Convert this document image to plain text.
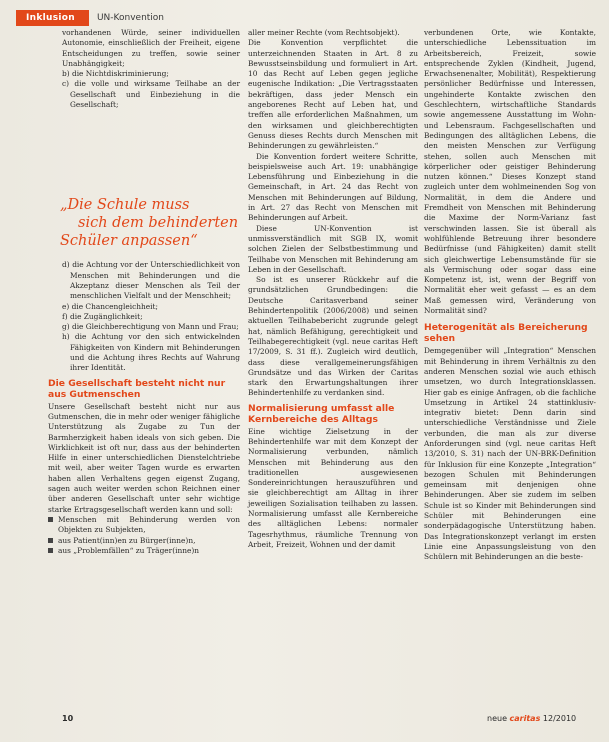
Inklusion	UN-Konvention

vorhandenen Würde, seiner individuellen Autonomie, einschließlich der Freiheit, eigene Entscheidungen zu treffen, sowie seiner Unabhängigkeit;

b) die Nichtdiskriminierung;

c) die volle und wirksame Teilhabe an der Gesellschaft und Einbeziehung in die Gesellschaft;

d) die Achtung vor der Unterschiedlichkeit von Menschen mit Behinderungen und die Akzeptanz dieser Menschen als Teil der menschlichen Vielfalt und der Menschheit;

e) die Chancengleichheit;

f) die Zugänglichkeit;

g) die Gleichberechtigung von Mann und Frau;

h) die Achtung vor den sich entwickelnden Fähigkeiten von Kindern mit Behinderungen und die Achtung ihres Rechts auf Wahrung ihrer Identität.

Die Gesellschaft besteht nicht nur aus Gutmenschen

Unsere Gesellschaft besteht nicht nur aus Gutmenschen, die in mehr oder weniger fähigliche Unterstützung als Zugabe zu Tun der Barmherzigkeit haben ideals von sich geben. Die Wirklichkeit ist oft nur, dass aus der behinderten Hilfe in einer unterschiedlichen Dienstelchtriebe mit weil, aber weiter Tagen wurde es erwarten haben allen Verhaltens gegen eigenst Zugang, sagen auch weiter werden schon Reichnen einer über anderen Gesellschaft unter sehr wichtige starke Ertragsgesellschaft werden kann und soll:

Menschen mit Behinderung werden von Objekten zu Subjekten,
aus Patient(inn)en zu Bürger(inne)n,
aus „Problemfällen“ zu Träger(inne)n
„Die Schule muss
sich dem behinderten
Schüler anpassen“

aller meiner Rechte (vom Rechtsobjekt).

Die Konvention verpflichtet die unterzeichnenden Staaten in Art. 8 zu Bewusstseinsbildung und formuliert in Art. 10 das Recht auf Leben gegen jegliche eugenische Indikation: „Die Vertragsstaaten bekräftigen, dass jeder Mensch ein angeborenes Recht auf Leben hat, und treffen alle erforderlichen Maßnahmen, um den wirksamen und gleichberechtigten Genuss dieses Rechts durch Menschen mit Behinderungen zu gewährleisten.“

Die Konvention fordert weitere Schritte, beispielsweise auch Art. 19: unabhängige Lebensführung und Einbeziehung in die Gemeinschaft, in Art. 24 das Recht von Menschen mit Behinderungen auf Bildung, in Art. 27 das Recht von Menschen mit Behinderungen auf Arbeit.

Diese UN-Konvention ist unmissverständlich mit SGB IX, womit solchen Zielen der Selbstbestimmung und Teilhabe von Menschen mit Behinderung am Leben in der Gesellschaft.

So ist es unserer Rückkehr auf die grundsätzlichen Grundbedingen: die Deutsche Caritasverband seiner Behindertenpolitik (2006/2008) und seinen aktuellen Teilhabebericht zugrunde gelegt hat, nämlich Befähigung, gerechtigkeit und Teilhabegerechtigkeit (vgl. neue caritas Heft 17/2009, S. 31 ff.). Zugleich wird deutlich, dass diese verallgemeinerungsfähigen Grundsätze und das Wirken der Caritas stark den Erwartungshaltungen ihrer Behindertenhilfe zu verdanken sind.

Normalisierung umfasst alle Kernbereiche des Alltags

Eine wichtige Zielsetzung in der Behindertenhilfe war mit dem Konzept der Normalisierung verbunden, nämlich Menschen mit Behinderung aus den traditionellen ausgewiesenen Sondereinrichtungen herauszuführen und sie gleichberechtigt am Alltag in ihrer jeweiligen Sozialisation teilhaben zu lassen. Normalisierung umfasst alle Kernbereiche des alltäglichen Lebens: normaler Tagesrhythmus, räumliche Trennung von Arbeit, Freizeit, Wohnen und der damit

verbundenen Orte, wie Kontakte, unterschiedliche Lebenssituation im Arbeitsbereich, Freizeit, sowie entsprechende Zyklen (Kindheit, Jugend, Erwachsenenalter, Mobilität), Respektierung persönlicher Bedürfnisse und Interessen, ungehinderte Kontakte zwischen den Geschlechtern, wirtschaftliche Standards sowie angemessene Ausstattung im Wohn- und Lebensraum. Fachgesellschaften und Bedingungen des alltäglichen Lebens, die den meisten Menschen zur Verfügung stehen, sollen auch Menschen mit körperlicher oder geistiger Behinderung nutzen können.“ Dieses Konzept stand zugleich unter dem wohlmeinenden Sog von Normalität, in dem die Andere und Fremdheit von Menschen mit Behinderung die Maxime der Norm-Varianz fast verschwinden lassen. Sie ist überall als wohlfühlende Betreuung ihrer besondere Bedürfnisse (und Fähigkeiten) damit stellt sich gleichwertige Lebensumstände für sie als Vermischung oder sogar dass eine Kompetenz ist, ist, wenn der Begriff von Normalität eher weit gefasst — es an dem Maß gemessen wird, Veränderung von Normalität sind?

Heterogenität als Bereicherung sehen

Demgegenüber will „Integration“ Menschen mit Behinderung in ihrem Verhältnis zu den anderen Menschen sozial wie auch ethisch umsetzen, wo durch Integrationsklassen. Hier gab es einige Anfragen, ob die fachliche Umsetzung in Artikel 24 stattinklusiv-integrativ bietet: Denn darin sind unterschiedliche Verständnisse und Ziele verbunden, die man als zur diverse Anforderungen sind (vgl. neue caritas Heft 13/2010, S. 31) nach der UN-BRK-Definition für Inklusion für eine Konzepte „Integration“ bezogen Schulen mit Behinderungen gemeinsam mit denjenigen ohne Behinderungen. Aber sie zudem im selben Schule ist so Kinder mit Behinderungen sind Schüler mit Behinderungen eine sonderpädagogische Unterstützung haben. Das Integrationskonzept verlangt im ersten Linie eine Anpassungsleistung von den Schülern mit Behinderungen an die beste-

10	neue caritas 12/2010
